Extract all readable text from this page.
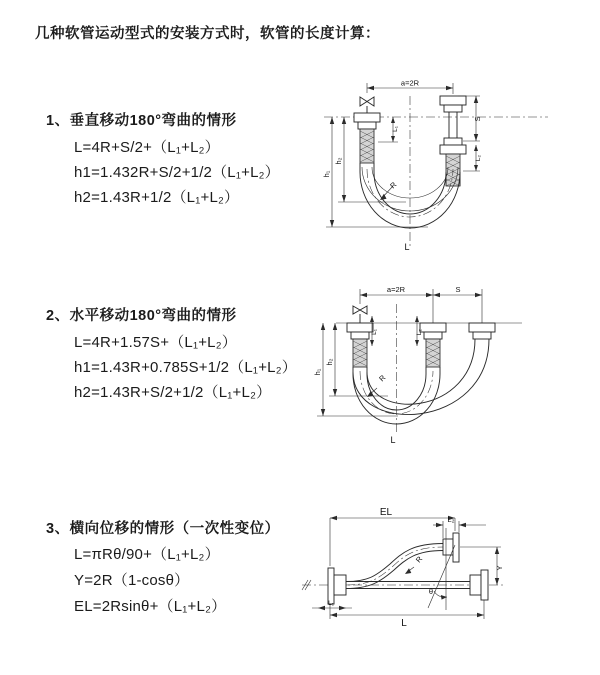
几种软管运动型式的安装方式时，软管的长度计算：
1、垂直移动180°弯曲的情形
L=4R+S/2+（L₁+L₂）
h1=1.432R+S/2+1/2（L₁+L₂）
h2=1.43R+1/2（L₁+L₂）
a=2R
h₁
h₂
L₁
S
L₂
R
L
2、水平移动180°弯曲的情形
L=4R+1.57S+（L₁+L₂）
h1=1.43R+0.785S+1/2（L₁+L₂）
h2=1.43R+S/2+1/2（L₁+L₂）
a=2R	S
h₁
h₂
L₁	L₂
R
L
3、横向位移的情形（一次性变位）
L=πRθ/90+（L₁+L₂）
Y=2R（1-cosθ）
EL=2Rsinθ+（L₁+L₂）
EL
L₂
Y
L
L₁
θ
R
